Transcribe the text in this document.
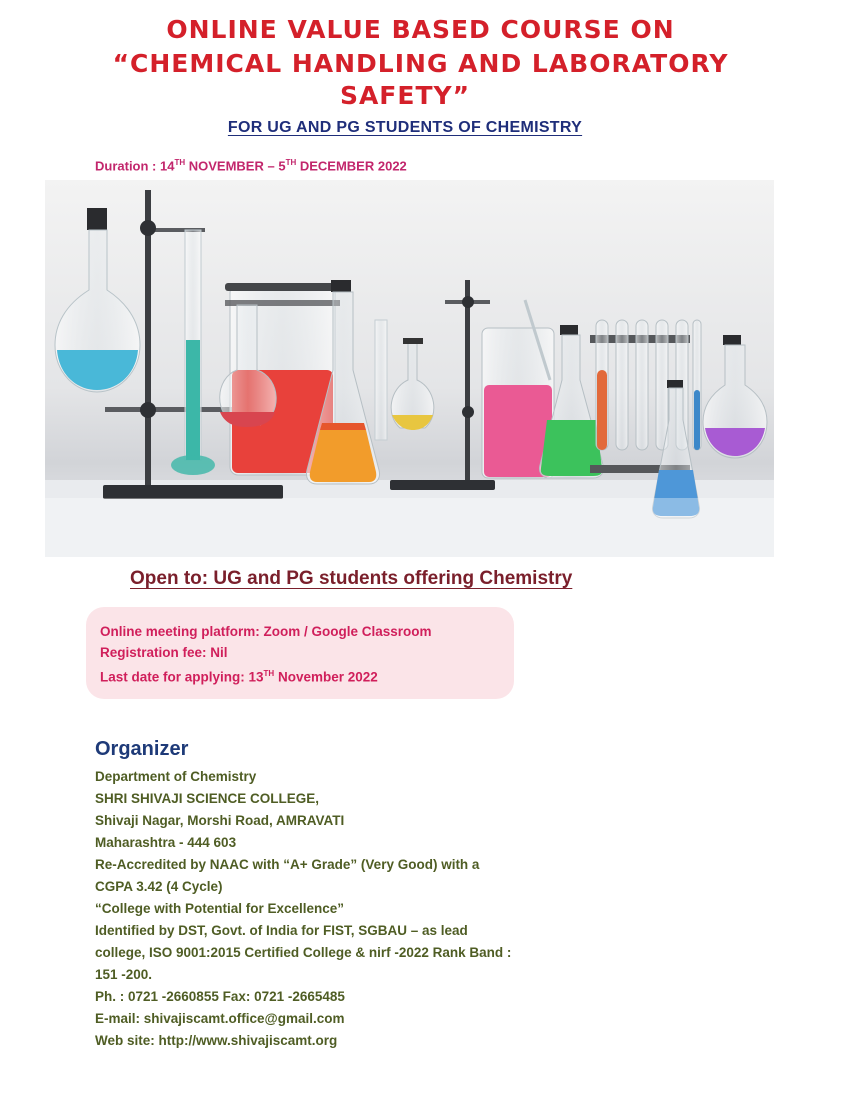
ONLINE VALUE BASED COURSE ON
“CHEMICAL HANDLING AND LABORATORY
SAFETY”
FOR UG AND PG STUDENTS OF CHEMISTRY
Duration : 14TH NOVEMBER – 5TH DECEMBER 2022
Open to: UG and PG students offering Chemistry
Online meeting platform: Zoom / Google Classroom
Registration fee: Nil
Last date for applying: 13TH November 2022
Organizer
Department of Chemistry
SHRI SHIVAJI SCIENCE COLLEGE,
Shivaji Nagar, Morshi Road, AMRAVATI
Maharashtra - 444 603
Re-Accredited by NAAC with “A+ Grade” (Very Good) with a
CGPA 3.42 (4 Cycle)
“College with Potential for Excellence”
Identified by DST, Govt. of India for FIST, SGBAU – as lead
college, ISO 9001:2015 Certified College & nirf -2022 Rank Band :
151 -200.
Ph. : 0721 -2660855 Fax: 0721 -2665485
E-mail: shivajiscamt.office@gmail.com
Web site: http://www.shivajiscamt.org
